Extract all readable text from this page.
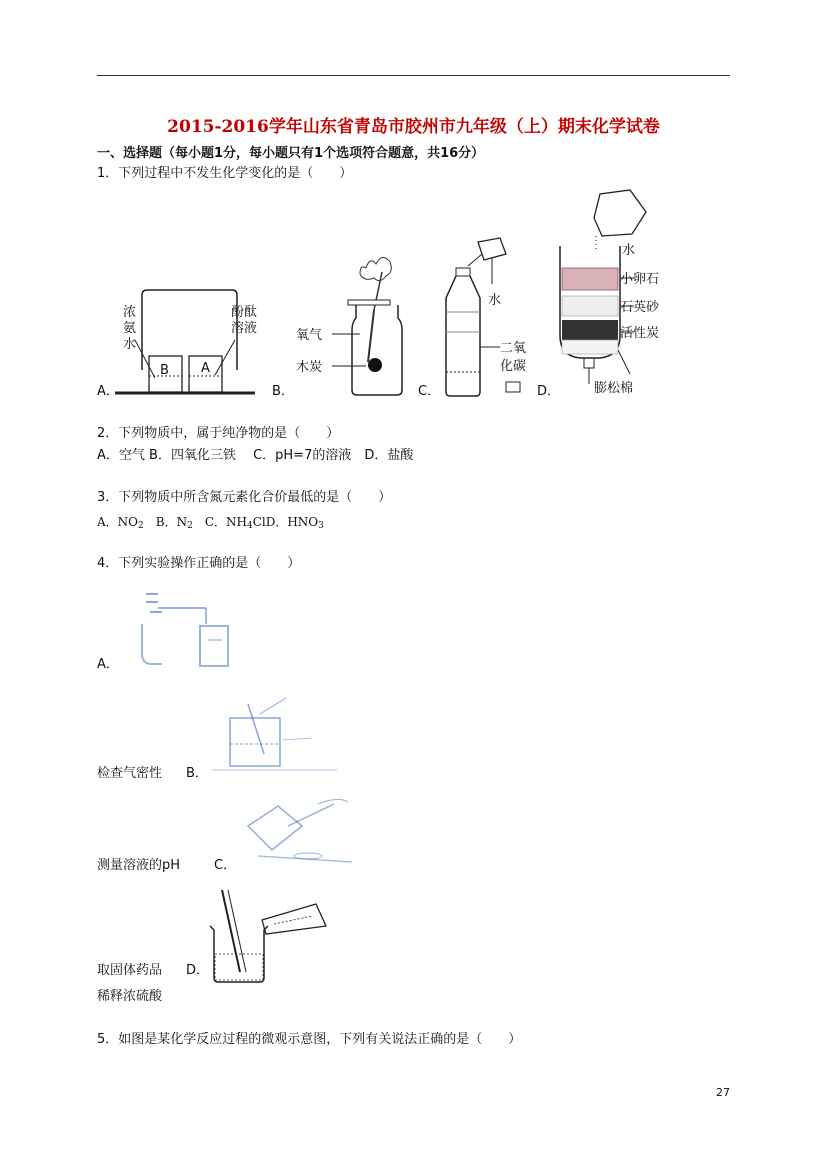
2015-2016学年山东省青岛市胶州市九年级（上）期末化学试卷
一、选择题（每小题1分，每小题只有1个选项符合题意，共16分）
1．下列过程中不发生化学变化的是（　　）
浓
氨
水
酚酞
溶液
B A
A．
氧气
木炭
B．
水
二氧
化碳
C．
水
小卵石
石英砂
活性炭
膨松棉
D．
2．下列物质中，属于纯净物的是（　　）
A．空气 B．四氧化三铁　 C．pH=7的溶液　D．盐酸
3．下列物质中所含氮元素化合价最低的是（　　）
A．$NO_2$　B．$N_2$　C．$NH_4ClD$．$HNO_3$
4．下列实验操作正确的是（　　）
A．
检查气密性 B．
测量溶液的pH	C．
取固体药品 D．
稀释浓硫酸
5．如图是某化学反应过程的微观示意图，下列有关说法正确的是（　　）
27
